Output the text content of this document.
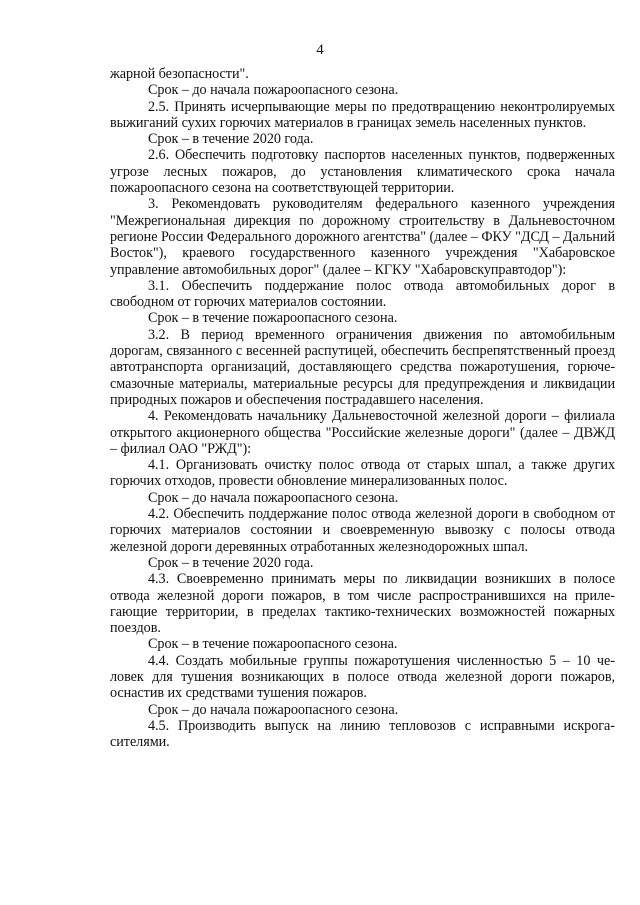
4

жарной безопасности".

Срок – до начала пожароопасного сезона.

2.5. Принять исчерпывающие меры по предотвращению неконтролируемых выжиганий сухих горючих материалов в границах земель населенных пунктов.

Срок – в течение 2020 года.

2.6. Обеспечить подготовку паспортов населенных пунктов, подверженных угрозе лесных пожаров, до установления климатического срока начала пожароопасного сезона на соответствующей территории.

3. Рекомендовать руководителям федерального казенного учреждения "Межрегиональная дирекция по дорожному строительству в Дальневосточном регионе России Федерального дорожного агентства" (далее – ФКУ "ДСД – Дальний Восток"), краевого государственного казенного учреждения "Хабаровское управление автомобильных дорог" (далее – КГКУ "Хабаровскуправтодор"):

3.1. Обеспечить поддержание полос отвода автомобильных дорог в свободном от горючих материалов состоянии.

Срок – в течение пожароопасного сезона.

3.2. В период временного ограничения движения по автомобильным дорогам, связанного с весенней распутицей, обеспечить беспрепятственный проезд автотранспорта организаций, доставляющего средства пожаротушения, горюче-смазочные материалы, материальные ресурсы для предупреждения и ликвидации природных пожаров и обеспечения пострадавшего населения.

4. Рекомендовать начальнику Дальневосточной железной дороги – филиала открытого акционерного общества "Российские железные дороги" (далее – ДВЖД – филиал ОАО "РЖД"):

4.1. Организовать очистку полос отвода от старых шпал, а также других горючих отходов, провести обновление минерализованных полос.

Срок – до начала пожароопасного сезона.

4.2. Обеспечить поддержание полос отвода железной дороги в свободном от горючих материалов состоянии и своевременную вывозку с полосы отвода железной дороги деревянных отработанных железнодорожных шпал.

Срок – в течение 2020 года.

4.3. Своевременно принимать меры по ликвидации возникших в полосе отвода железной дороги пожаров, в том числе распространившихся на прилегающие территории, в пределах тактико-технических возможностей пожарных поездов.

Срок – в течение пожароопасного сезона.

4.4. Создать мобильные группы пожаротушения численностью 5 – 10 человек для тушения возникающих в полосе отвода железной дороги пожаров, оснастив их средствами тушения пожаров.

Срок – до начала пожароопасного сезона.

4.5. Производить выпуск на линию тепловозов с исправными искрогасителями.
